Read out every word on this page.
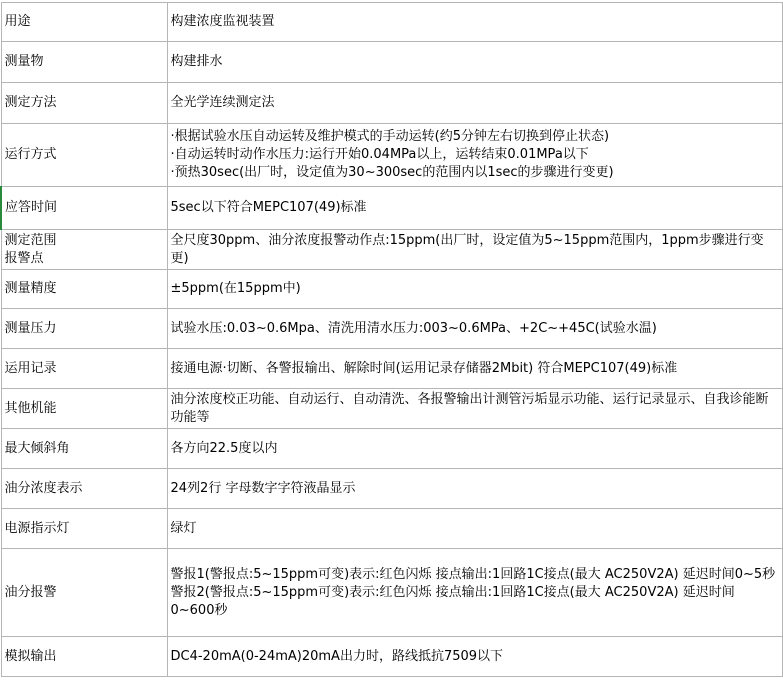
用途	构建浓度监视装置

测量物	构建排水

测定方法	全光学连续测定法

运行方式	·根据试验水压自动运转及维护模式的手动运转(约5分钟左右切换到停止状态)
·自动运转时动作水压力:运行开始0.04MPa以上，运转结束0.01MPa以下
·预热30sec(出厂时，设定值为30~300sec的范围内以1sec的步骤进行变更)

应答时间	5sec以下符合MEPC107(49)标准

测定范围
报警点	全尺度30ppm、油分浓度报警动作点:15ppm(出厂时，设定值为5~15ppm范围内，1ppm步骤进行变更)

测量精度	±5ppm(在15ppm中)

测量压力	试验水压:0.03~0.6Mpa、清洗用清水压力:003~0.6MPa、+2C~+45C(试验水温)

运用记录	接通电源·切断、各警报输出、解除时间(运用记录存储器2Mbit) 符合MEPC107(49)标准

其他机能	油分浓度校正功能、自动运行、自动清洗、各报警输出计测管污垢显示功能、运行记录显示、自我诊能断功能等

最大倾斜角	各方向22.5度以内

油分浓度表示	24列2行 字母数字字符液晶显示

电源指示灯	绿灯

油分报警	警报1(警报点:5~15ppm可变)表示:红色闪烁 接点输出:1回路1C接点(最大 AC250V2A) 延迟时间0~5秒
警报2(警报点:5~15ppm可变)表示:红色闪烁 接点输出:1回路1C接点(最大 AC250V2A) 延迟时间0~600秒

模拟输出	DC4-20mA(0-24mA)20mA出力时，路线抵抗7509以下
